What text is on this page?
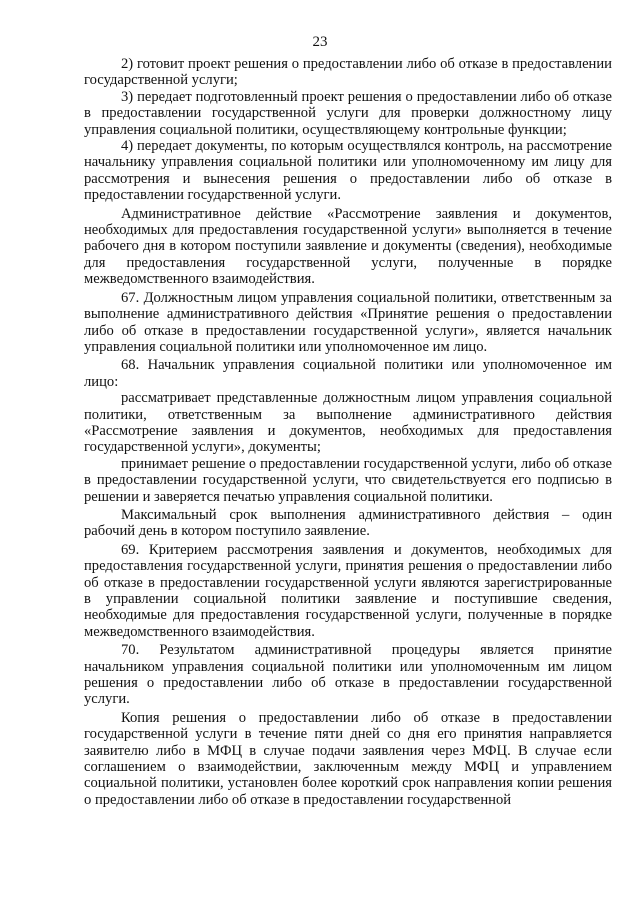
23

2) готовит проект решения о предоставлении либо об отказе в предоставлении государственной услуги;

3) передает подготовленный проект решения о предоставлении либо об отказе в предоставлении государственной услуги для проверки должностному лицу управления социальной политики, осуществляющему контрольные функции;

4) передает документы, по которым осуществлялся контроль, на рассмотрение начальнику управления социальной политики или уполномоченному им лицу для рассмотрения и вынесения решения о предоставлении либо об отказе в предоставлении государственной услуги.

Административное действие «Рассмотрение заявления и документов, необходимых для предоставления государственной услуги» выполняется в течение рабочего дня в котором поступили заявление и документы (сведения), необходимые для предоставления государственной услуги, полученные в порядке межведомственного взаимодействия.

67. Должностным лицом управления социальной политики, ответственным за выполнение административного действия «Принятие решения о предоставлении либо об отказе в предоставлении государственной услуги», является начальник управления социальной политики или уполномоченное им лицо.

68. Начальник управления социальной политики или уполномоченное им лицо:

рассматривает представленные должностным лицом управления социальной политики, ответственным за выполнение административного действия «Рассмотрение заявления и документов, необходимых для предоставления государственной услуги», документы;

принимает решение о предоставлении государственной услуги, либо об отказе в предоставлении государственной услуги, что свидетельствуется его подписью в решении и заверяется печатью управления социальной политики.

Максимальный срок выполнения административного действия – один рабочий день в котором поступило заявление.

69. Критерием рассмотрения заявления и документов, необходимых для предоставления государственной услуги, принятия решения о предоставлении либо об отказе в предоставлении государственной услуги являются зарегистрированные в управлении социальной политики заявление и поступившие сведения, необходимые для предоставления государственной услуги, полученные в порядке межведомственного взаимодействия.

70. Результатом административной процедуры является принятие начальником управления социальной политики или уполномоченным им лицом решения о предоставлении либо об отказе в предоставлении государственной услуги.

Копия решения о предоставлении либо об отказе в предоставлении государственной услуги в течение пяти дней со дня его принятия направляется заявителю либо в МФЦ в случае подачи заявления через МФЦ. В случае если соглашением о взаимодействии, заключенным между МФЦ и управлением социальной политики, установлен более короткий срок направления копии решения о предоставлении либо об отказе в предоставлении государственной
